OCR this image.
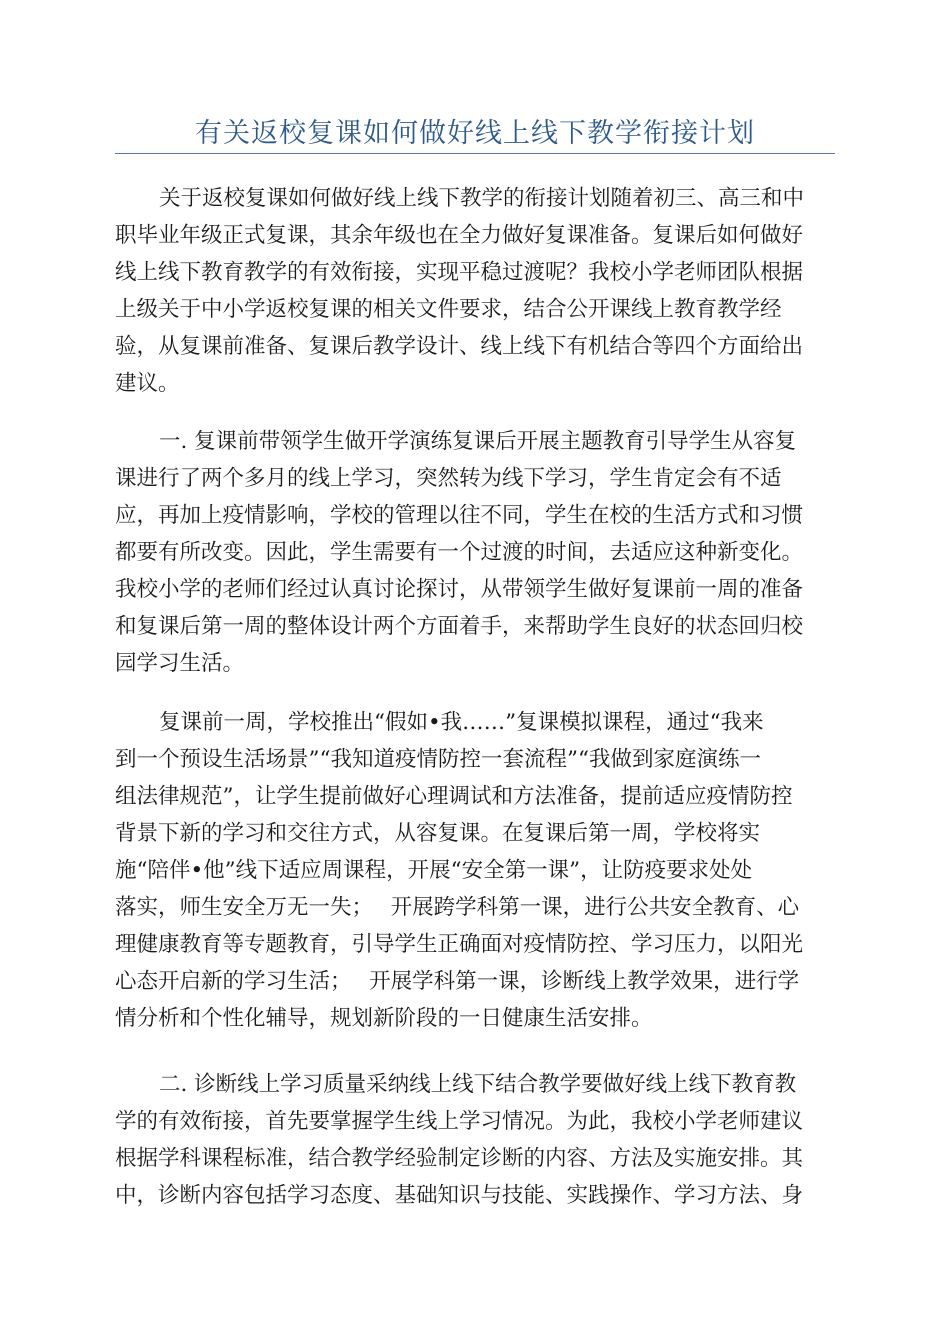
有关返校复课如何做好线上线下教学衔接计划
关于返校复课如何做好线上线下教学的衔接计划随着初三、高三和中
职毕业年级正式复课，其余年级也在全力做好复课准备。复课后如何做好
线上线下教育教学的有效衔接，实现平稳过渡呢？我校小学老师团队根据
上级关于中小学返校复课的相关文件要求，结合公开课线上教育教学经
验，从复课前准备、复课后教学设计、线上线下有机结合等四个方面给出
建议。
一. 复课前带领学生做开学演练复课后开展主题教育引导学生从容复
课进行了两个多月的线上学习，突然转为线下学习，学生肯定会有不适
应，再加上疫情影响，学校的管理以往不同，学生在校的生活方式和习惯
都要有所改变。因此，学生需要有一个过渡的时间，去适应这种新变化。
我校小学的老师们经过认真讨论探讨，从带领学生做好复课前一周的准备
和复课后第一周的整体设计两个方面着手，来帮助学生良好的状态回归校
园学习生活。
复课前一周，学校推出“假如•我……”复课模拟课程，通过“我来
到一个预设生活场景”“我知道疫情防控一套流程”“我做到家庭演练一
组法律规范”，让学生提前做好心理调试和方法准备，提前适应疫情防控
背景下新的学习和交往方式，从容复课。在复课后第一周，学校将实
施“陪伴•他”线下适应周课程，开展“安全第一课”，让防疫要求处处
落实，师生安全万无一失；　 开展跨学科第一课，进行公共安全教育、心
理健康教育等专题教育，引导学生正确面对疫情防控、学习压力，以阳光
心态开启新的学习生活；　 开展学科第一课，诊断线上教学效果，进行学
情分析和个性化辅导，规划新阶段的一日健康生活安排。
二. 诊断线上学习质量采纳线上线下结合教学要做好线上线下教育教
学的有效衔接，首先要掌握学生线上学习情况。为此，我校小学老师建议
根据学科课程标准，结合教学经验制定诊断的内容、方法及实施安排。其
中，诊断内容包括学习态度、基础知识与技能、实践操作、学习方法、身
